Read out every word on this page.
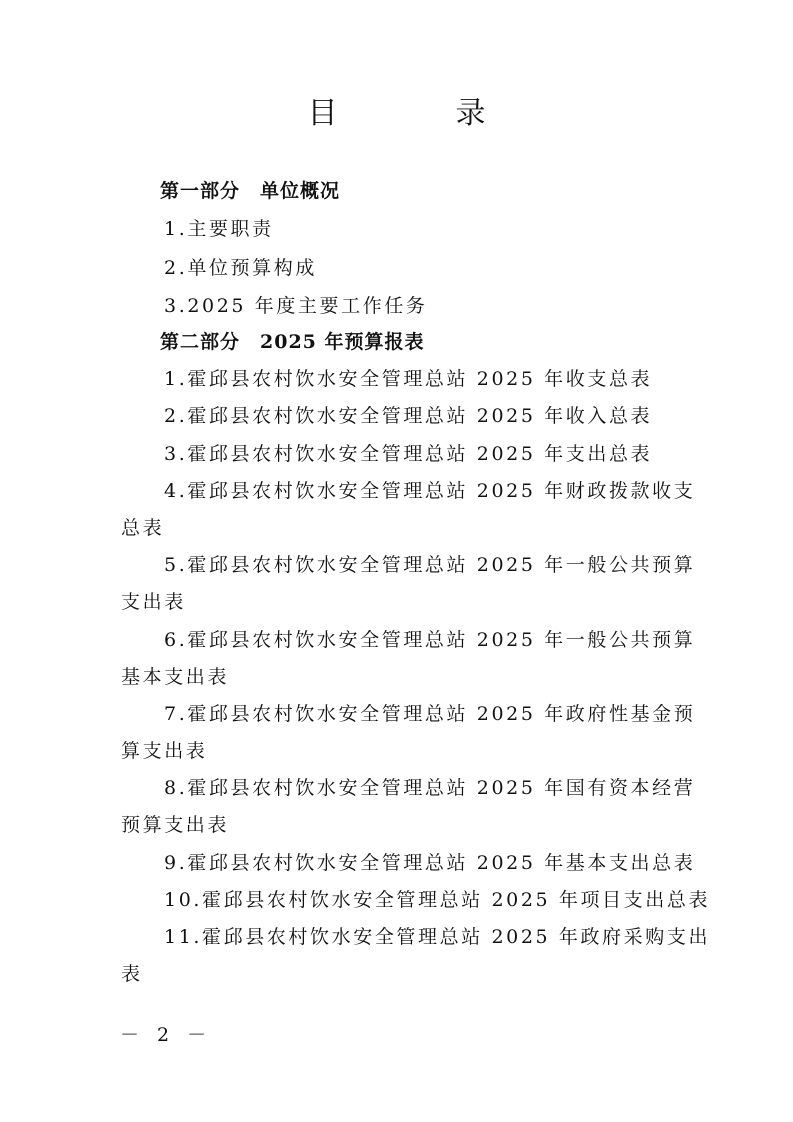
目　录

第一部分　单位概况

1.主要职责

2.单位预算构成

3.2025 年度主要工作任务

第二部分　2025 年预算报表

1.霍邱县农村饮水安全管理总站 2025 年收支总表

2.霍邱县农村饮水安全管理总站 2025 年收入总表

3.霍邱县农村饮水安全管理总站 2025 年支出总表

4.霍邱县农村饮水安全管理总站 2025 年财政拨款收支

总表

5.霍邱县农村饮水安全管理总站 2025 年一般公共预算

支出表

6.霍邱县农村饮水安全管理总站 2025 年一般公共预算

基本支出表

7.霍邱县农村饮水安全管理总站 2025 年政府性基金预

算支出表

8.霍邱县农村饮水安全管理总站 2025 年国有资本经营

预算支出表

9.霍邱县农村饮水安全管理总站 2025 年基本支出总表

10.霍邱县农村饮水安全管理总站 2025 年项目支出总表

11.霍邱县农村饮水安全管理总站 2025 年政府采购支出

表

－ 2 －
